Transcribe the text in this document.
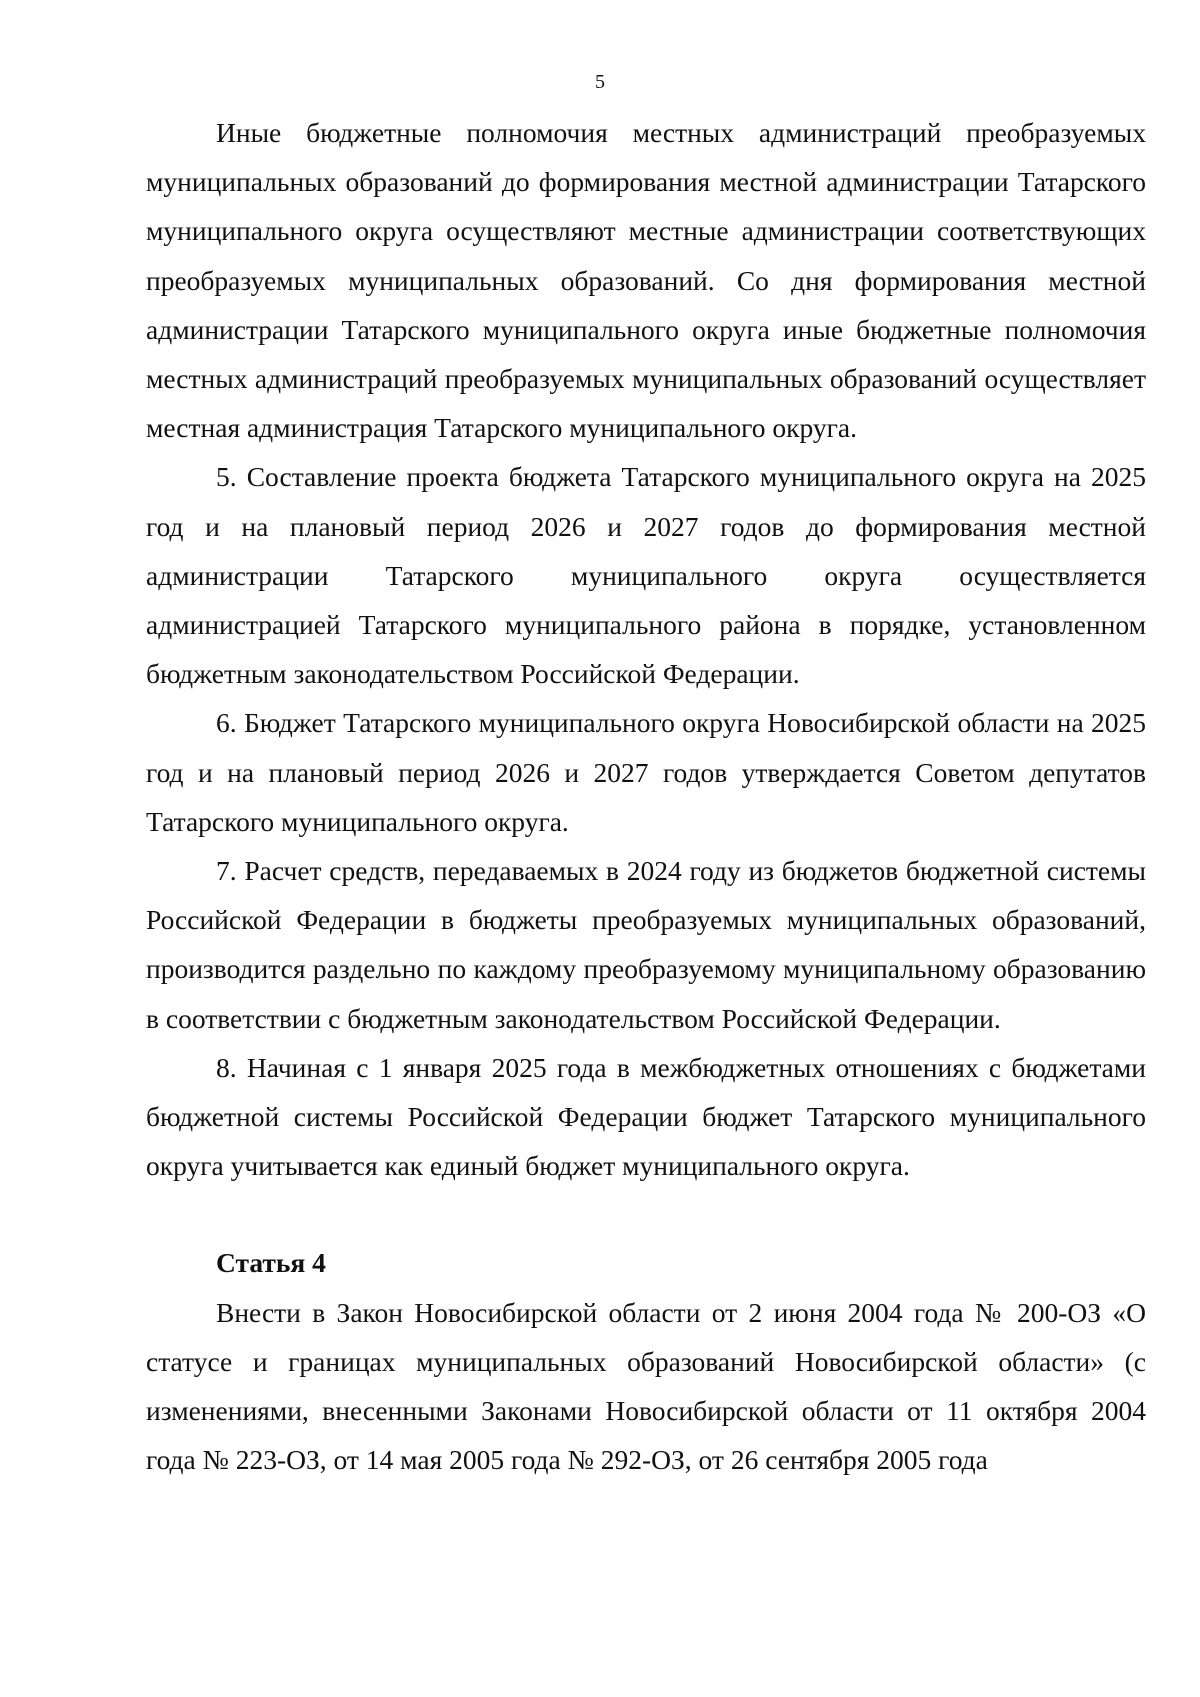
5

Иные бюджетные полномочия местных администраций преобразуемых муниципальных образований до формирования местной администрации Татарского муниципального округа осуществляют местные администрации соответствующих преобразуемых муниципальных образований. Со дня формирования местной администрации Татарского муниципального округа иные бюджетные полномочия местных администраций преобразуемых муниципальных образований осуществляет местная администрация Татарского муниципального округа.

5. Составление проекта бюджета Татарского муниципального округа на 2025 год и на плановый период 2026 и 2027 годов до формирования местной администрации Татарского муниципального округа осуществляется администрацией Татарского муниципального района в порядке, установленном бюджетным законодательством Российской Федерации.

6. Бюджет Татарского муниципального округа Новосибирской области на 2025 год и на плановый период 2026 и 2027 годов утверждается Советом депутатов Татарского муниципального округа.

7. Расчет средств, передаваемых в 2024 году из бюджетов бюджетной системы Российской Федерации в бюджеты преобразуемых муниципальных образований, производится раздельно по каждому преобразуемому муниципальному образованию в соответствии с бюджетным законодательством Российской Федерации.

8. Начиная с 1 января 2025 года в межбюджетных отношениях с бюджетами бюджетной системы Российской Федерации бюджет Татарского муниципального округа учитывается как единый бюджет муниципального округа.

Статья 4

Внести в Закон Новосибирской области от 2 июня 2004 года № 200-ОЗ «О статусе и границах муниципальных образований Новосибирской области» (с изменениями, внесенными Законами Новосибирской области от 11 октября 2004 года № 223-ОЗ, от 14 мая 2005 года № 292-ОЗ, от 26 сентября 2005 года
